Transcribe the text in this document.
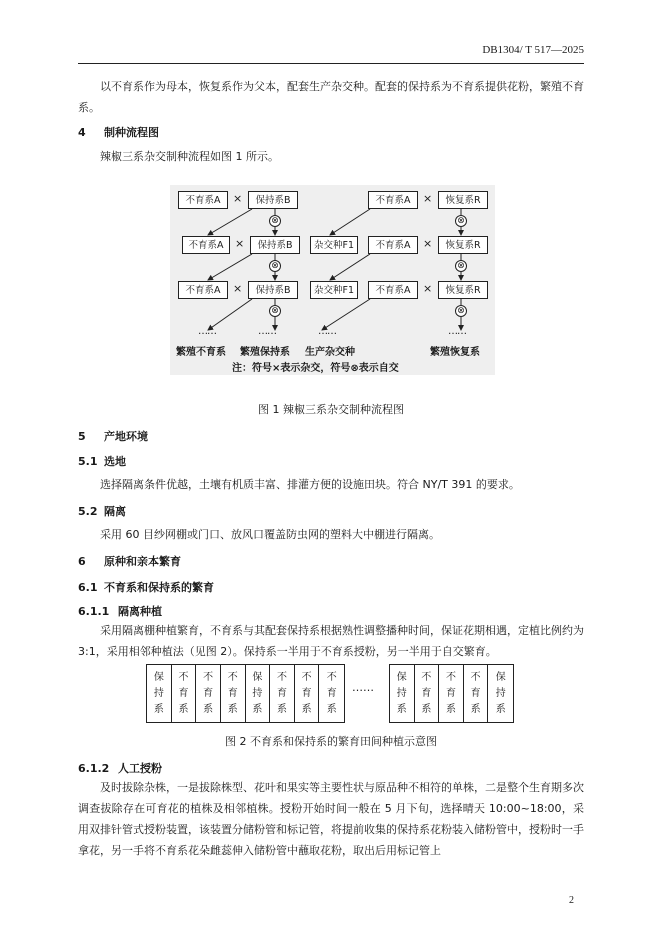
DB1304/ T 517—2025
以不育系作为母本，恢复系作为父本，配套生产杂交种。配套的保持系为不育系提供花粉，繁殖不育系。
4 制种流程图
辣椒三系杂交制种流程如图 1 所示。
不育系A	×	保持系B	不育系A	×	恢复系R
⊗	⊗
不育系A	×	保持系B	杂交种F1	不育系A	×	恢复系R
⊗	⊗
不育系A	×	保持系B	杂交种F1	不育系A	×	恢复系R
⊗	⊗
……	……	……	……
繁殖不育系 繁殖保持系 生产杂交种	繁殖恢复系
注：符号×表示杂交，符号⊗表示自交
图 1 辣椒三系杂交制种流程图
5 产地环境
5.1 选地
选择隔离条件优越，土壤有机质丰富、排灌方便的设施田块。符合 NY/T 391 的要求。
5.2 隔离
采用 60 目纱网棚或门口、放风口覆盖防虫网的塑料大中棚进行隔离。
6 原种和亲本繁育
6.1 不育系和保持系的繁育
6.1.1 隔离种植
采用隔离棚种植繁育，不育系与其配套保持系根据熟性调整播种时间，保证花期相遇，定植比例约为 3:1，采用相邻种植法（见图 2）。保持系一半用于不育系授粉，另一半用于自交繁育。
保
持
系
不
育
系
不
育
系
不
育
系
保
持
系
不
育
系
不
育
系
不
育
系
……
保
持
系
不
育
系
不
育
系
不
育
系
保
持
系
图 2 不育系和保持系的繁育田间种植示意图
6.1.2 人工授粉
及时拔除杂株，一是拔除株型、花叶和果实等主要性状与原品种不相符的单株，二是整个生育期多次调查拔除存在可育花的植株及相邻植株。授粉开始时间一般在 5 月下旬，选择晴天 10:00~18:00，采用双排针管式授粉装置，该装置分储粉管和标记管，将提前收集的保持系花粉装入储粉管中，授粉时一手拿花，另一手将不育系花朵雌蕊伸入储粉管中蘸取花粉，取出后用标记管上
2
